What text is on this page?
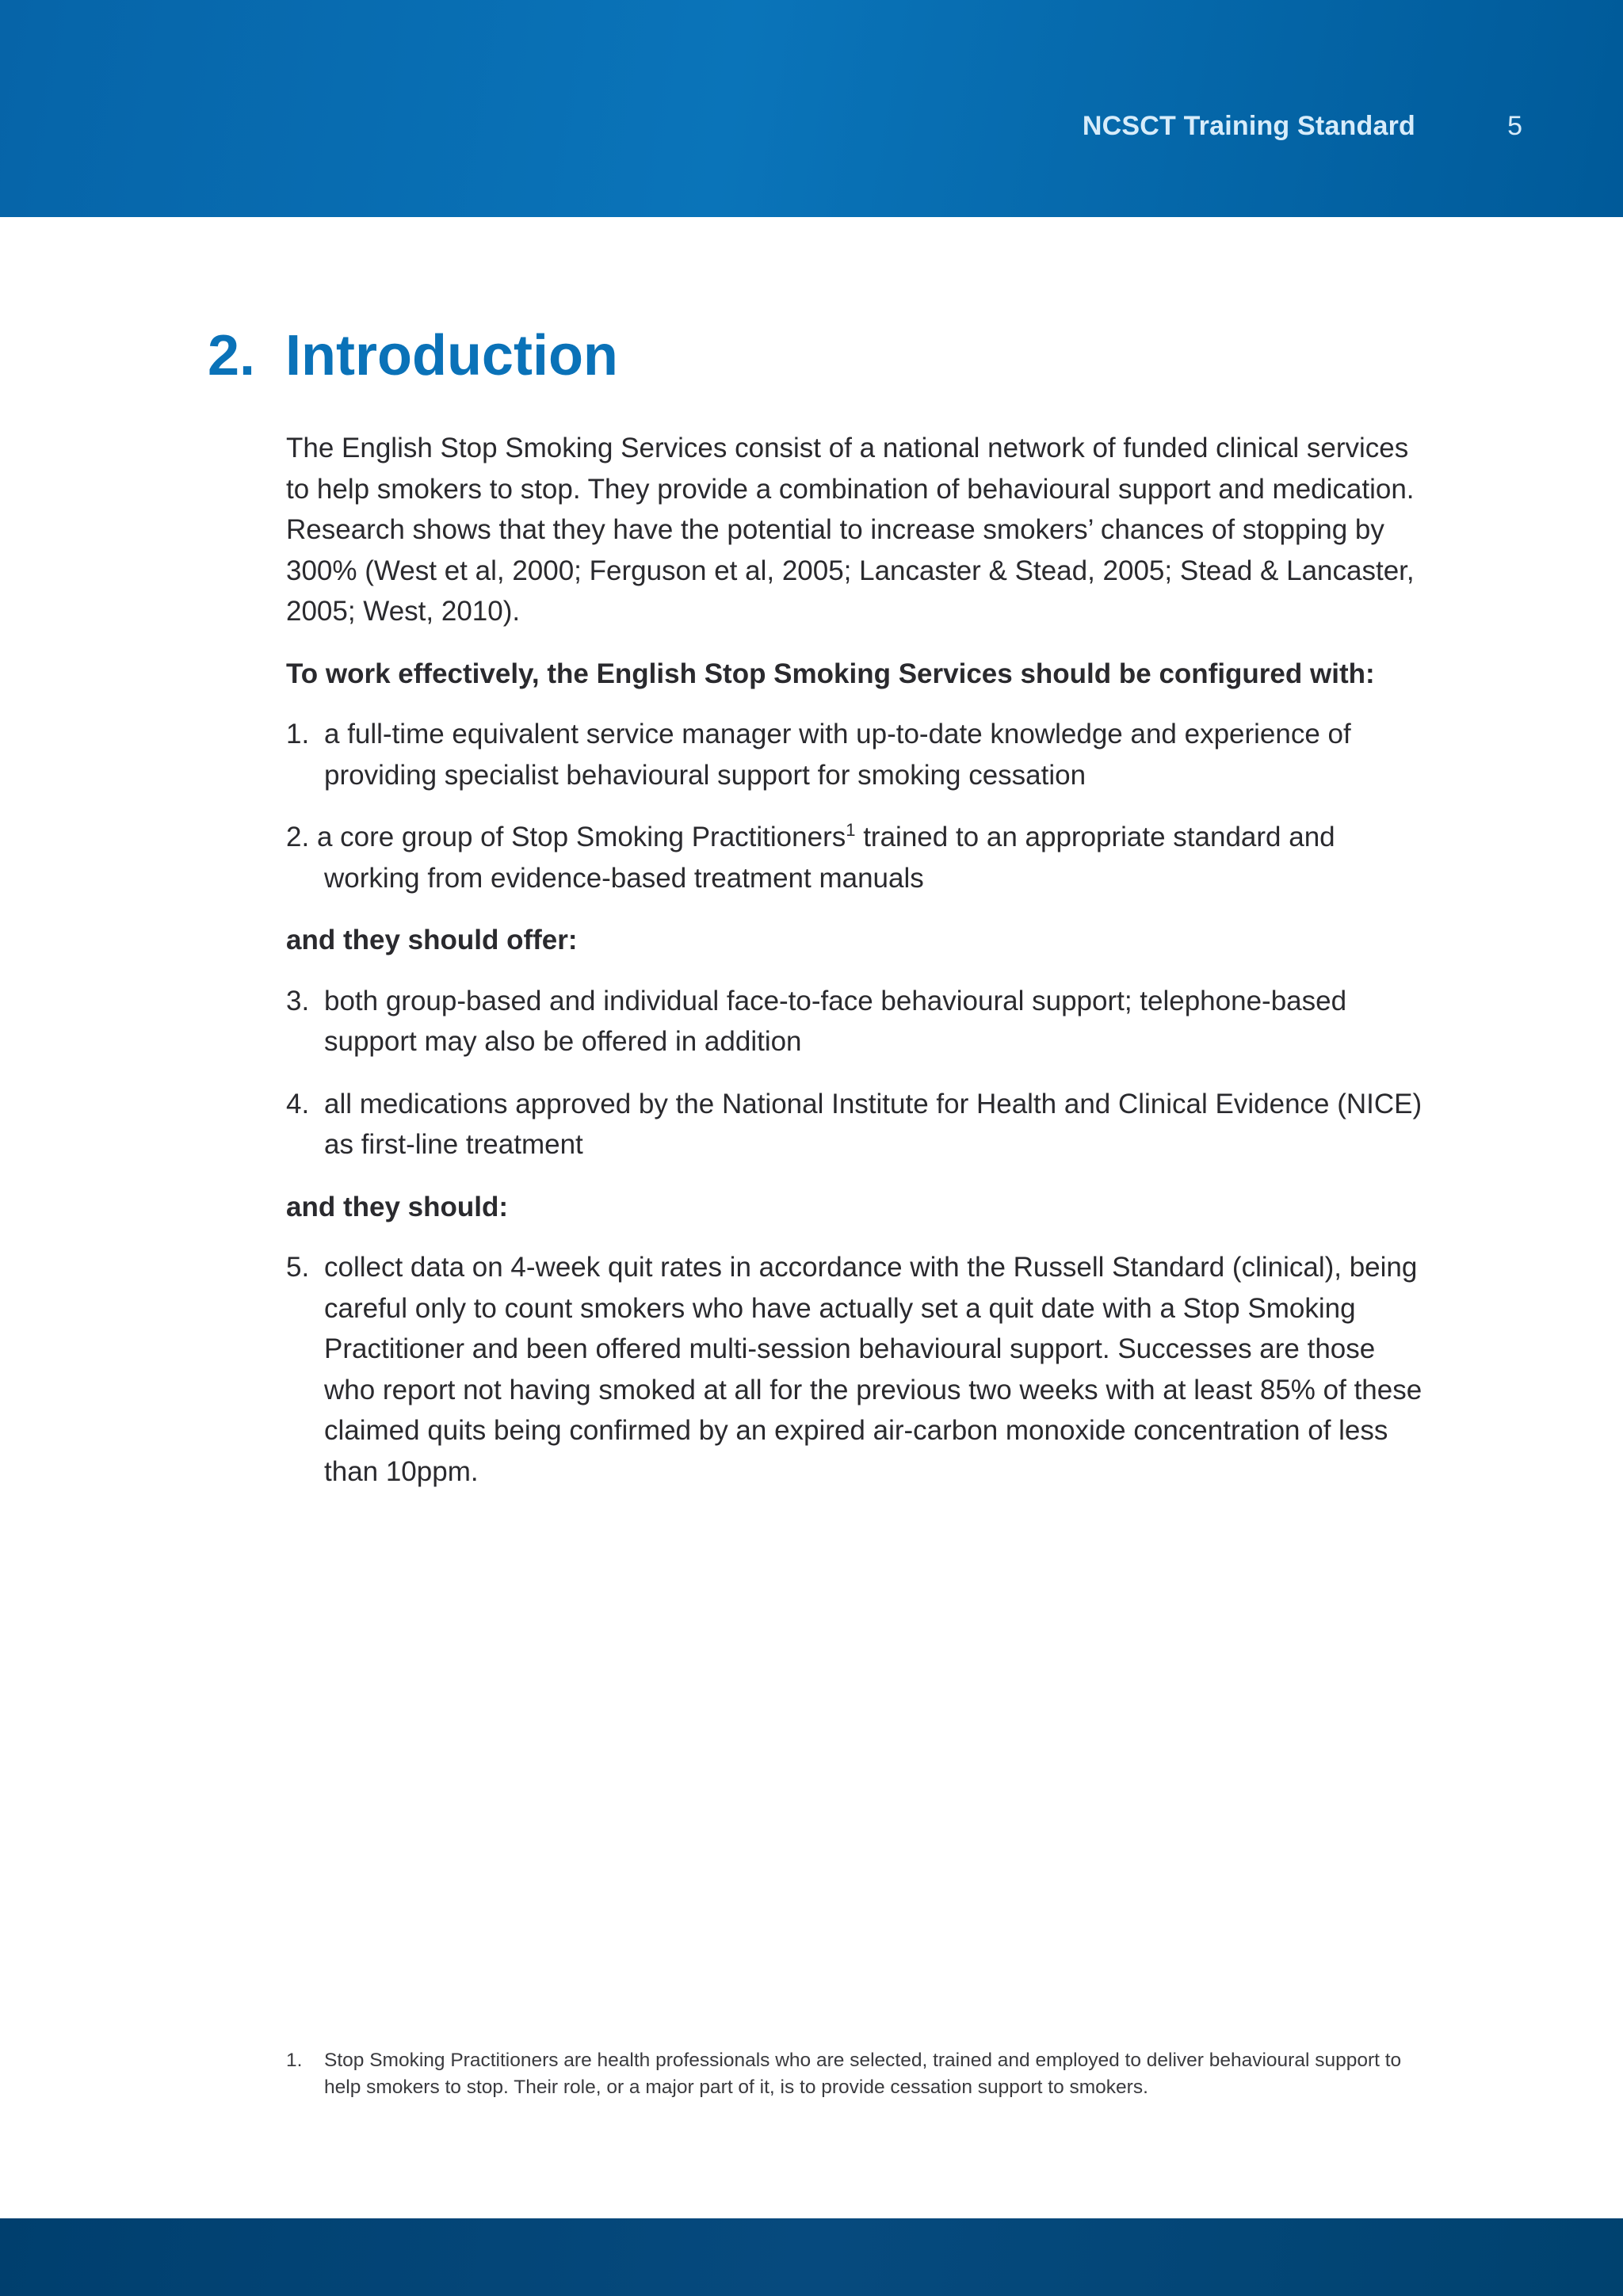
NCSCT Training Standard	5
2. Introduction

The English Stop Smoking Services consist of a national network of funded clinical services to help smokers to stop. They provide a combination of behavioural support and medication. Research shows that they have the potential to increase smokers’ chances of stopping by 300% (West et al, 2000; Ferguson et al, 2005; Lancaster & Stead, 2005; Stead & Lancaster, 2005; West, 2010).

To work effectively, the English Stop Smoking Services should be configured with:

1. a full-time equivalent service manager with up-to-date knowledge and experience of providing specialist behavioural support for smoking cessation
2. a core group of Stop Smoking Practitioners$^1$ trained to an appropriate standard and working from evidence-based treatment manuals

and they should offer:

3. both group-based and individual face-to-face behavioural support; telephone-based support may also be offered in addition
4. all medications approved by the National Institute for Health and Clinical Evidence (NICE) as first-line treatment

and they should:

5. collect data on 4-week quit rates in accordance with the Russell Standard (clinical), being careful only to count smokers who have actually set a quit date with a Stop Smoking Practitioner and been offered multi-session behavioural support. Successes are those who report not having smoked at all for the previous two weeks with at least 85% of these claimed quits being confirmed by an expired air-carbon monoxide concentration of less than 10ppm.
1.	Stop Smoking Practitioners are health professionals who are selected, trained and employed to deliver behavioural support to help smokers to stop. Their role, or a major part of it, is to provide cessation support to smokers.
